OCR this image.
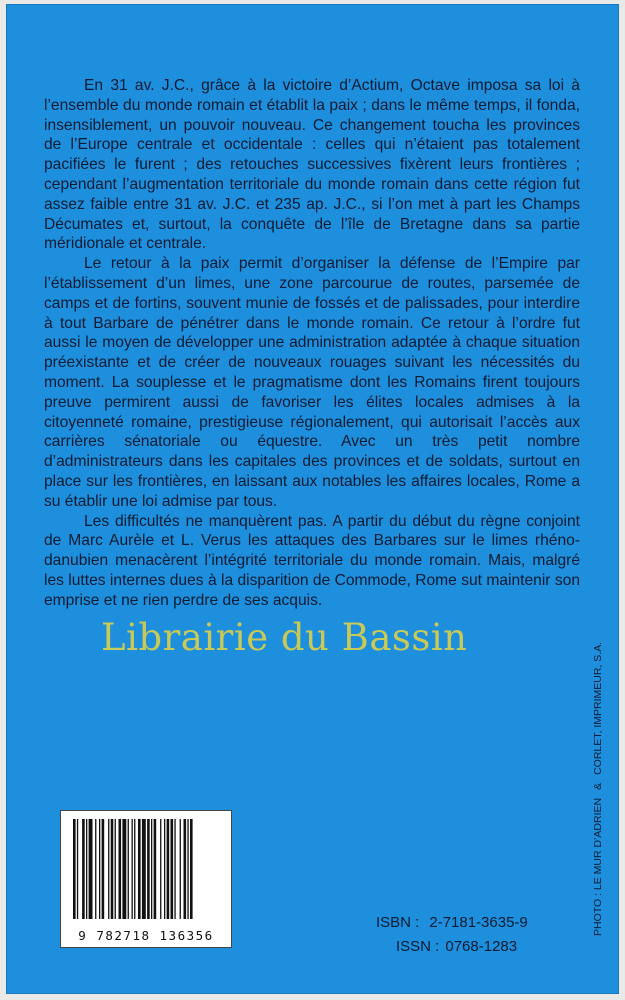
En 31 av. J.C., grâce à la victoire d’Actium, Octave imposa sa loi à l’ensemble du monde romain et établit la paix ; dans le même temps, il fonda, insensiblement, un pouvoir nouveau. Ce changement toucha les provinces de l’Europe centrale et occidentale : celles qui n’étaient pas totalement pacifiées le furent ; des retouches successives fixèrent leurs frontières ; cependant l’augmentation territoriale du monde romain dans cette région fut assez faible entre 31 av. J.C. et 235 ap. J.C., si l’on met à part les Champs Décumates et, surtout, la conquête de l’île de Bretagne dans sa partie méridionale et centrale.

Le retour à la paix permit d’organiser la défense de l’Empire par l’établissement d’un limes, une zone parcourue de routes, parsemée de camps et de fortins, souvent munie de fossés et de palissades, pour interdire à tout Barbare de pénétrer dans le monde romain. Ce retour à l’ordre fut aussi le moyen de développer une administration adaptée à chaque situation préexistante et de créer de nouveaux rouages suivant les nécessités du moment. La souplesse et le pragmatisme dont les Romains firent toujours preuve permirent aussi de favoriser les élites locales admises à la citoyenneté romaine, prestigieuse régionalement, qui autorisait l’accès aux carrières sénatoriale ou équestre. Avec un très petit nombre d’administrateurs dans les capitales des provinces et de soldats, surtout en place sur les frontières, en laissant aux notables les affaires locales, Rome a su établir une loi admise par tous.

Les difficultés ne manquèrent pas. A partir du début du règne conjoint de Marc Aurèle et L. Verus les attaques des Barbares sur le limes rhéno-danubien menacèrent l’intégrité territoriale du monde romain. Mais, malgré les luttes internes dues à la disparition de Commode, Rome sut maintenir son emprise et ne rien perdre de ses acquis.

Librairie du Bassin
9 782718 136356
ISBN : 2-7181-3635-9
ISSN : 0768-1283
PHOTO : LE MUR D’ADRIEN&CORLET, IMPRIMEUR, S.A.
